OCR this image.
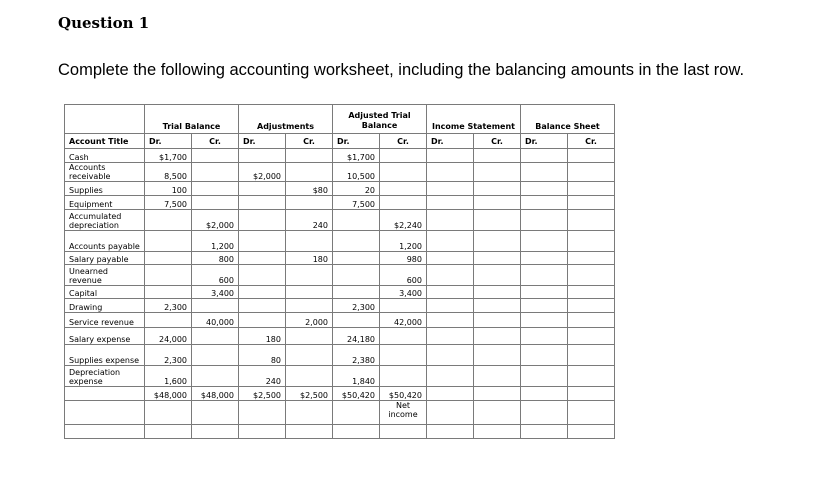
Question 1

Complete the following accounting worksheet, including the balancing amounts in the last row.

	Trial Balance		Adjustments		Adjusted Trial Balance		Income Statement		Balance Sheet	
Account Title	Dr.	Cr.	Dr.	Cr.	Dr.	Cr.	Dr.	Cr.	Dr.	Cr.
Cash	$1,700				$1,700					
Accounts receivable	8,500		$2,000		10,500					
Supplies	100			$80	20					
Equipment	7,500				7,500					
Accumulated depreciation		$2,000		240		$2,240				
Accounts payable		1,200				1,200				
Salary payable		800		180		980				
Unearned revenue		600				600				
Capital		3,400				3,400				
Drawing	2,300				2,300					
Service revenue		40,000		2,000		42,000				
Salary expense	24,000		180		24,180					
Supplies expense	2,300		80		2,380					
Depreciation expense	1,600		240		1,840					
	$48,000	$48,000	$2,500	$2,500	$50,420	$50,420				
						Net income				
